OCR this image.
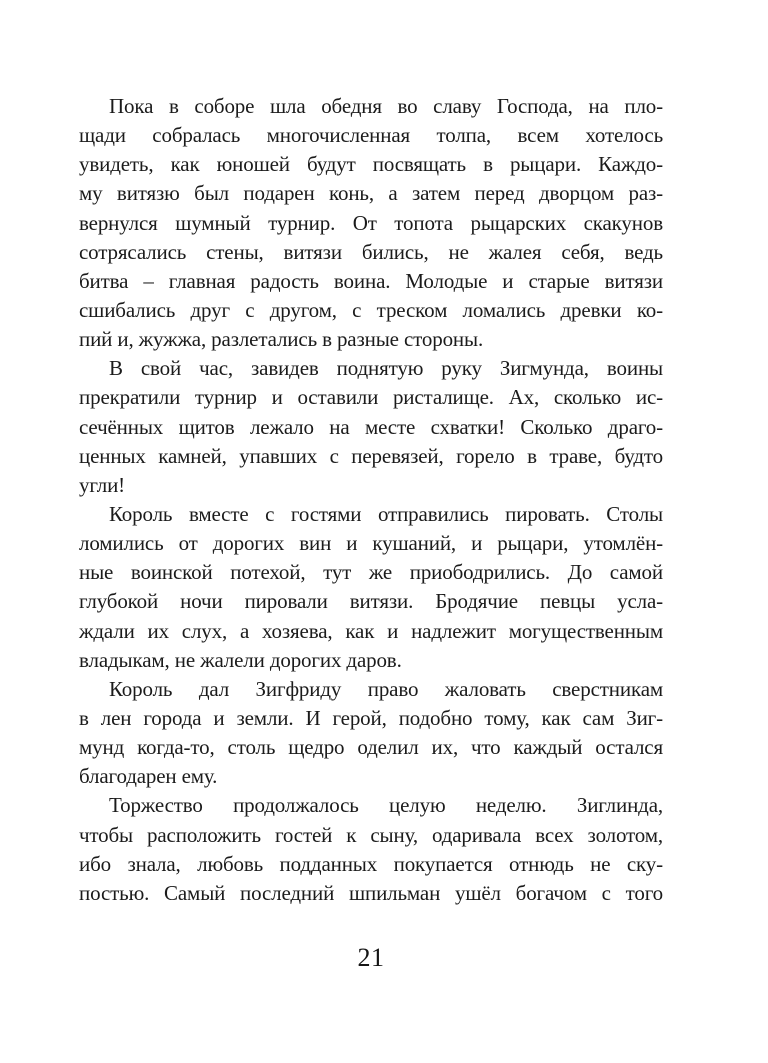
Пока в соборе шла обедня во славу Господа, на пло-
щади собралась многочисленная толпа, всем хотелось
увидеть, как юношей будут посвящать в рыцари. Каждо-
му витязю был подарен конь, а затем перед дворцом раз-
вернулся шумный турнир. От топота рыцарских скакунов
сотрясались стены, витязи бились, не жалея себя, ведь
битва – главная радость воина. Молодые и старые витязи
сшибались друг с другом, с треском ломались древки ко-
пий и, жужжа, разлетались в разные стороны.
В свой час, завидев поднятую руку Зигмунда, воины
прекратили турнир и оставили ристалище. Ах, сколько ис-
сечённых щитов лежало на месте схватки! Сколько драго-
ценных камней, упавших с перевязей, горело в траве, будто
угли!
Король вместе с гостями отправились пировать. Столы
ломились от дорогих вин и кушаний, и рыцари, утомлён-
ные воинской потехой, тут же приободрились. До самой
глубокой ночи пировали витязи. Бродячие певцы усла-
ждали их слух, а хозяева, как и надлежит могущественным
владыкам, не жалели дорогих даров.
Король дал Зигфриду право жаловать сверстникам
в лен города и земли. И герой, подобно тому, как сам Зиг-
мунд когда-то, столь щедро оделил их, что каждый остался
благодарен ему.
Торжество продолжалось целую неделю. Зиглинда,
чтобы расположить гостей к сыну, одаривала всех золотом,
ибо знала, любовь подданных покупается отнюдь не ску-
постью. Самый последний шпильман ушёл богачом с того
21
